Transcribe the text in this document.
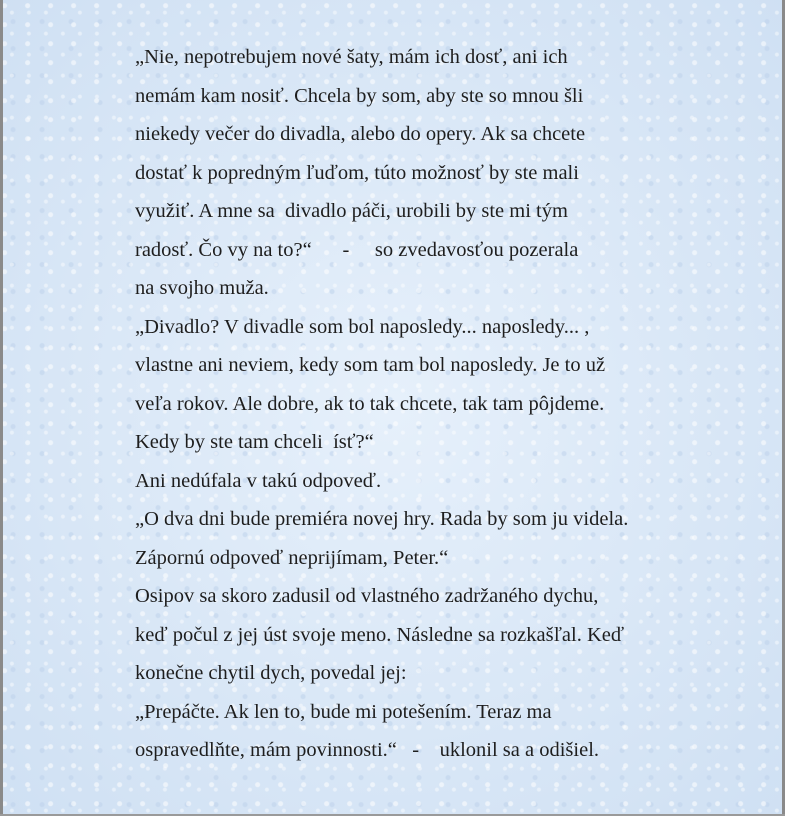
„Nie, nepotrebujem nové šaty, mám ich dosť, ani ich
nemám kam nosiť. Chcela by som, aby ste so mnou šli
niekedy večer do divadla, alebo do opery. Ak sa chcete
dostať k popredným ľuďom, túto možnosť by ste mali
využiť. A mne sa  divadlo páči, urobili by ste mi tým
radosť. Čo vy na to?“      -     so zvedavosťou pozerala
na svojho muža.
„Divadlo? V divadle som bol naposledy... naposledy... ,
vlastne ani neviem, kedy som tam bol naposledy. Je to už
veľa rokov. Ale dobre, ak to tak chcete, tak tam pôjdeme.
Kedy by ste tam chceli  ísť?“
Ani nedúfala v takú odpoveď.
„O dva dni bude premiéra novej hry. Rada by som ju videla.
Zápornú odpoveď neprijímam, Peter.“
Osipov sa skoro zadusil od vlastného zadržaného dychu,
keď počul z jej úst svoje meno. Následne sa rozkašľal. Keď
konečne chytil dych, povedal jej:
„Prepáčte. Ak len to, bude mi potešením. Teraz ma
ospravedlňte, mám povinnosti.“   -    uklonil sa a odišiel.
